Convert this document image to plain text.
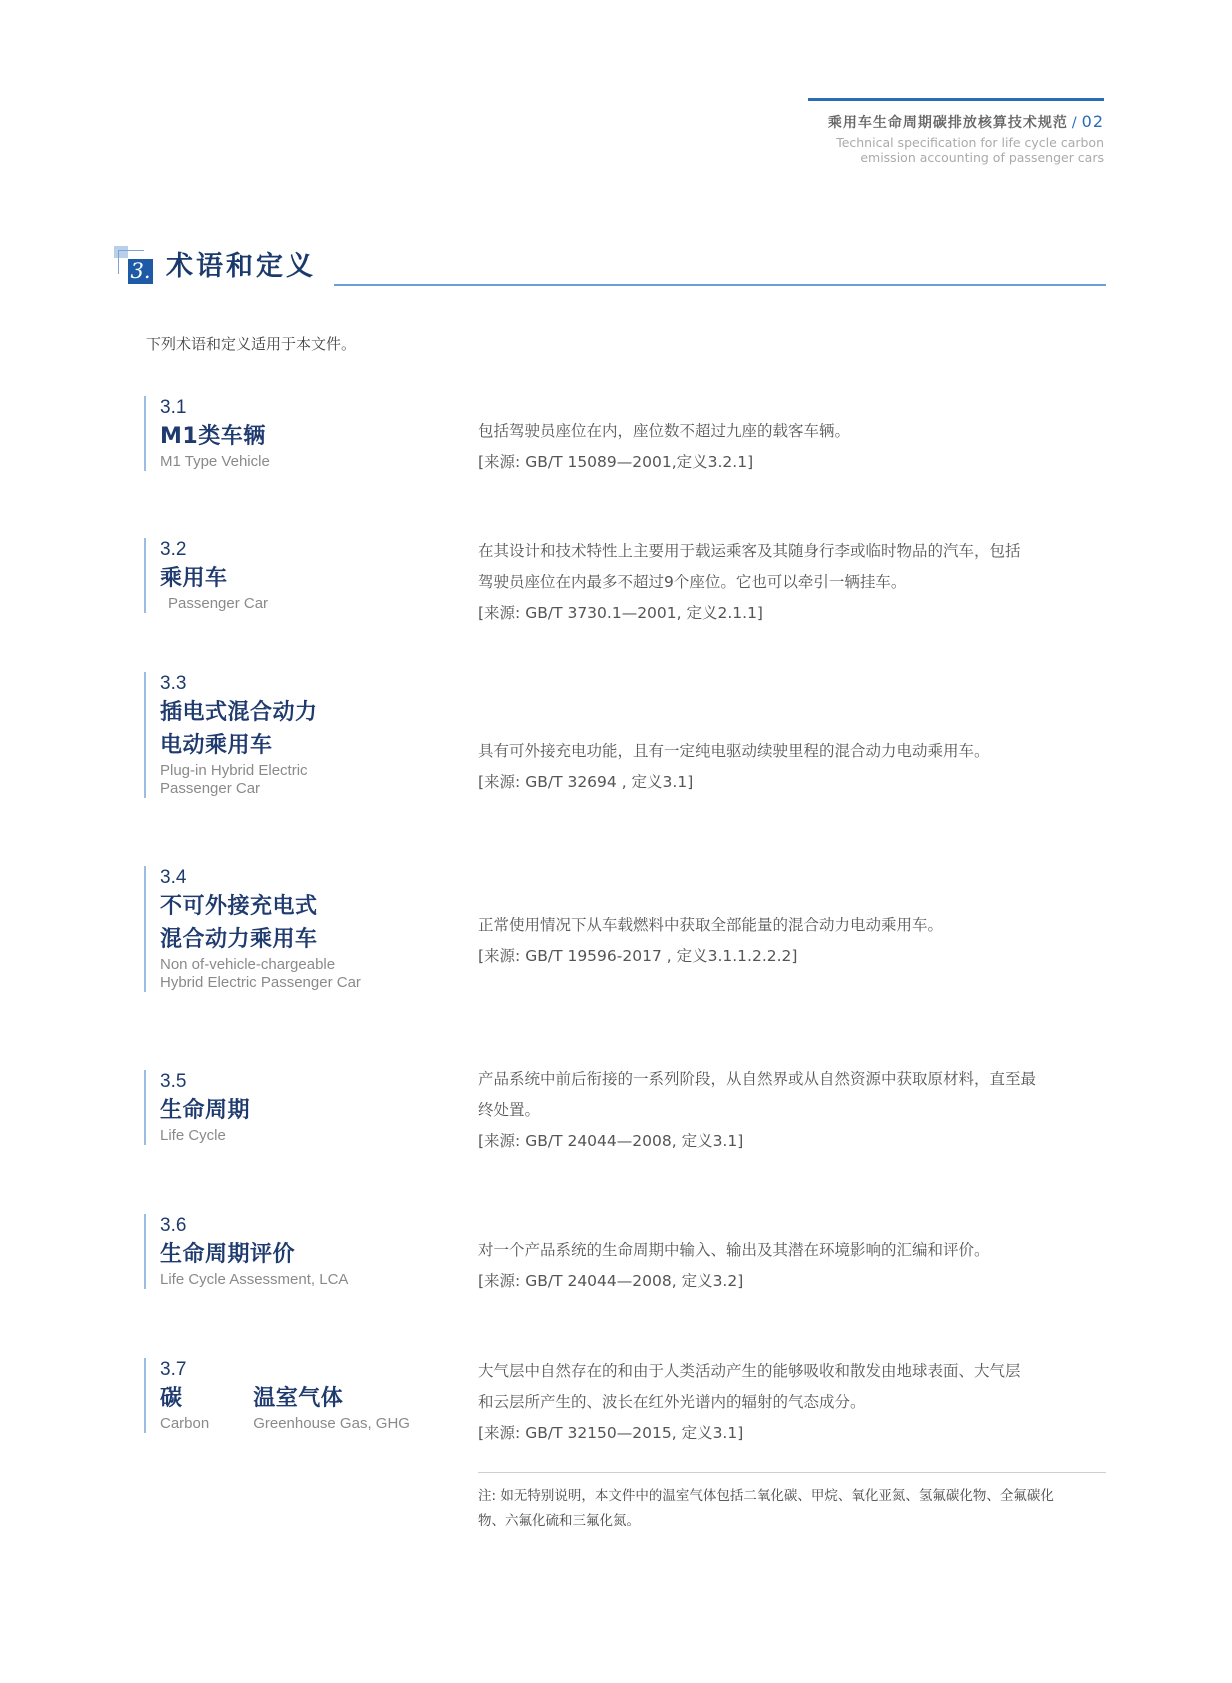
乘用车生命周期碳排放核算技术规范 / 02
Technical specification for life cycle carbon
emission accounting of passenger cars
3. 术语和定义
下列术语和定义适用于本文件。
3.1
M1类车辆
M1 Type Vehicle
包括驾驶员座位在内，座位数不超过九座的载客车辆。
[来源: GB/T 15089—2001,定义3.2.1]
3.2
乘用车
Passenger Car
在其设计和技术特性上主要用于载运乘客及其随身行李或临时物品的汽车，包括
驾驶员座位在内最多不超过9个座位。它也可以牵引一辆挂车。
[来源: GB/T 3730.1—2001, 定义2.1.1]
3.3
插电式混合动力
电动乘用车
Plug-in Hybrid Electric
Passenger Car
具有可外接充电功能，且有一定纯电驱动续驶里程的混合动力电动乘用车。
[来源: GB/T 32694 , 定义3.1]
3.4
不可外接充电式
混合动力乘用车
Non of-vehicle-chargeable
Hybrid Electric Passenger Car
正常使用情况下从车载燃料中获取全部能量的混合动力电动乘用车。
[来源: GB/T 19596-2017 , 定义3.1.1.2.2.2]
3.5
生命周期
Life Cycle
产品系统中前后衔接的一系列阶段，从自然界或从自然资源中获取原材料，直至最
终处置。
[来源: GB/T 24044—2008, 定义3.1]
3.6
生命周期评价
Life Cycle Assessment, LCA
对一个产品系统的生命周期中输入、输出及其潜在环境影响的汇编和评价。
[来源: GB/T 24044—2008, 定义3.2]
3.7
碳
Carbon
温室气体
Greenhouse Gas, GHG
大气层中自然存在的和由于人类活动产生的能够吸收和散发由地球表面、大气层
和云层所产生的、波长在红外光谱内的辐射的气态成分。
[来源: GB/T 32150—2015, 定义3.1]
注: 如无特别说明，本文件中的温室气体包括二氧化碳、甲烷、氧化亚氮、氢氟碳化物、全氟碳化
物、六氟化硫和三氟化氮。
